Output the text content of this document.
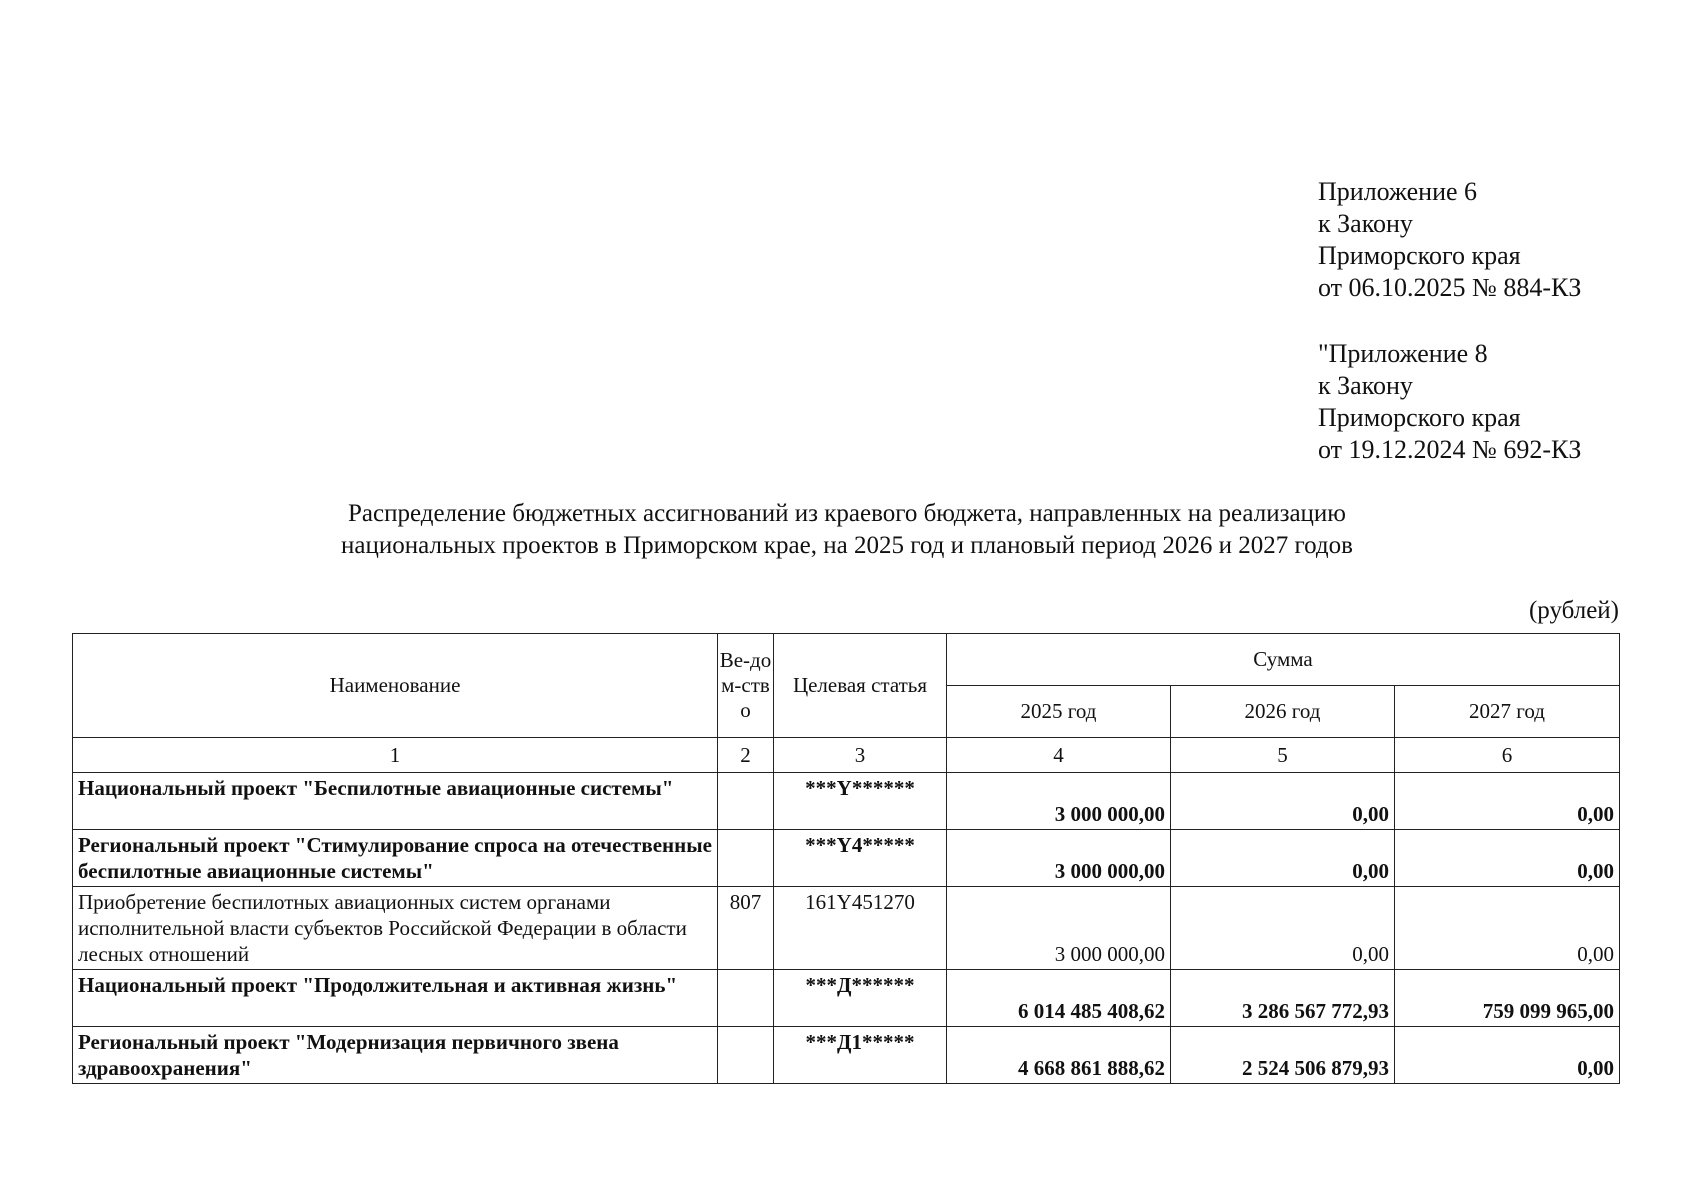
Приложение 6
к Закону
Приморского края
от 06.10.2025 № 884-КЗ
"Приложение 8
к Закону
Приморского края
от 19.12.2024 № 692-КЗ
Распределение бюджетных ассигнований из краевого бюджета, направленных на реализацию
национальных проектов в Приморском крае, на 2025 год и плановый период 2026 и 2027 годов
(рублей)
Наименование	Ве-дом-ство	Целевая статья	Сумма		
			2025 год	2026 год	2027 год
1	2	3	4	5	6
Национальный проект "Беспилотные авиационные системы"		***Y******	3 000 000,00	0,00	0,00
Региональный проект "Стимулирование спроса на отечественные беспилотные авиационные системы"		***Y4*****	3 000 000,00	0,00	0,00
Приобретение беспилотных авиационных систем органами исполнительной власти субъектов Российской Федерации в области лесных отношений	807	161Y451270	3 000 000,00	0,00	0,00
Национальный проект "Продолжительная и активная жизнь"		***Д******	6 014 485 408,62	3 286 567 772,93	759 099 965,00
Региональный проект "Модернизация первичного звена здравоохранения"		***Д1*****	4 668 861 888,62	2 524 506 879,93	0,00
